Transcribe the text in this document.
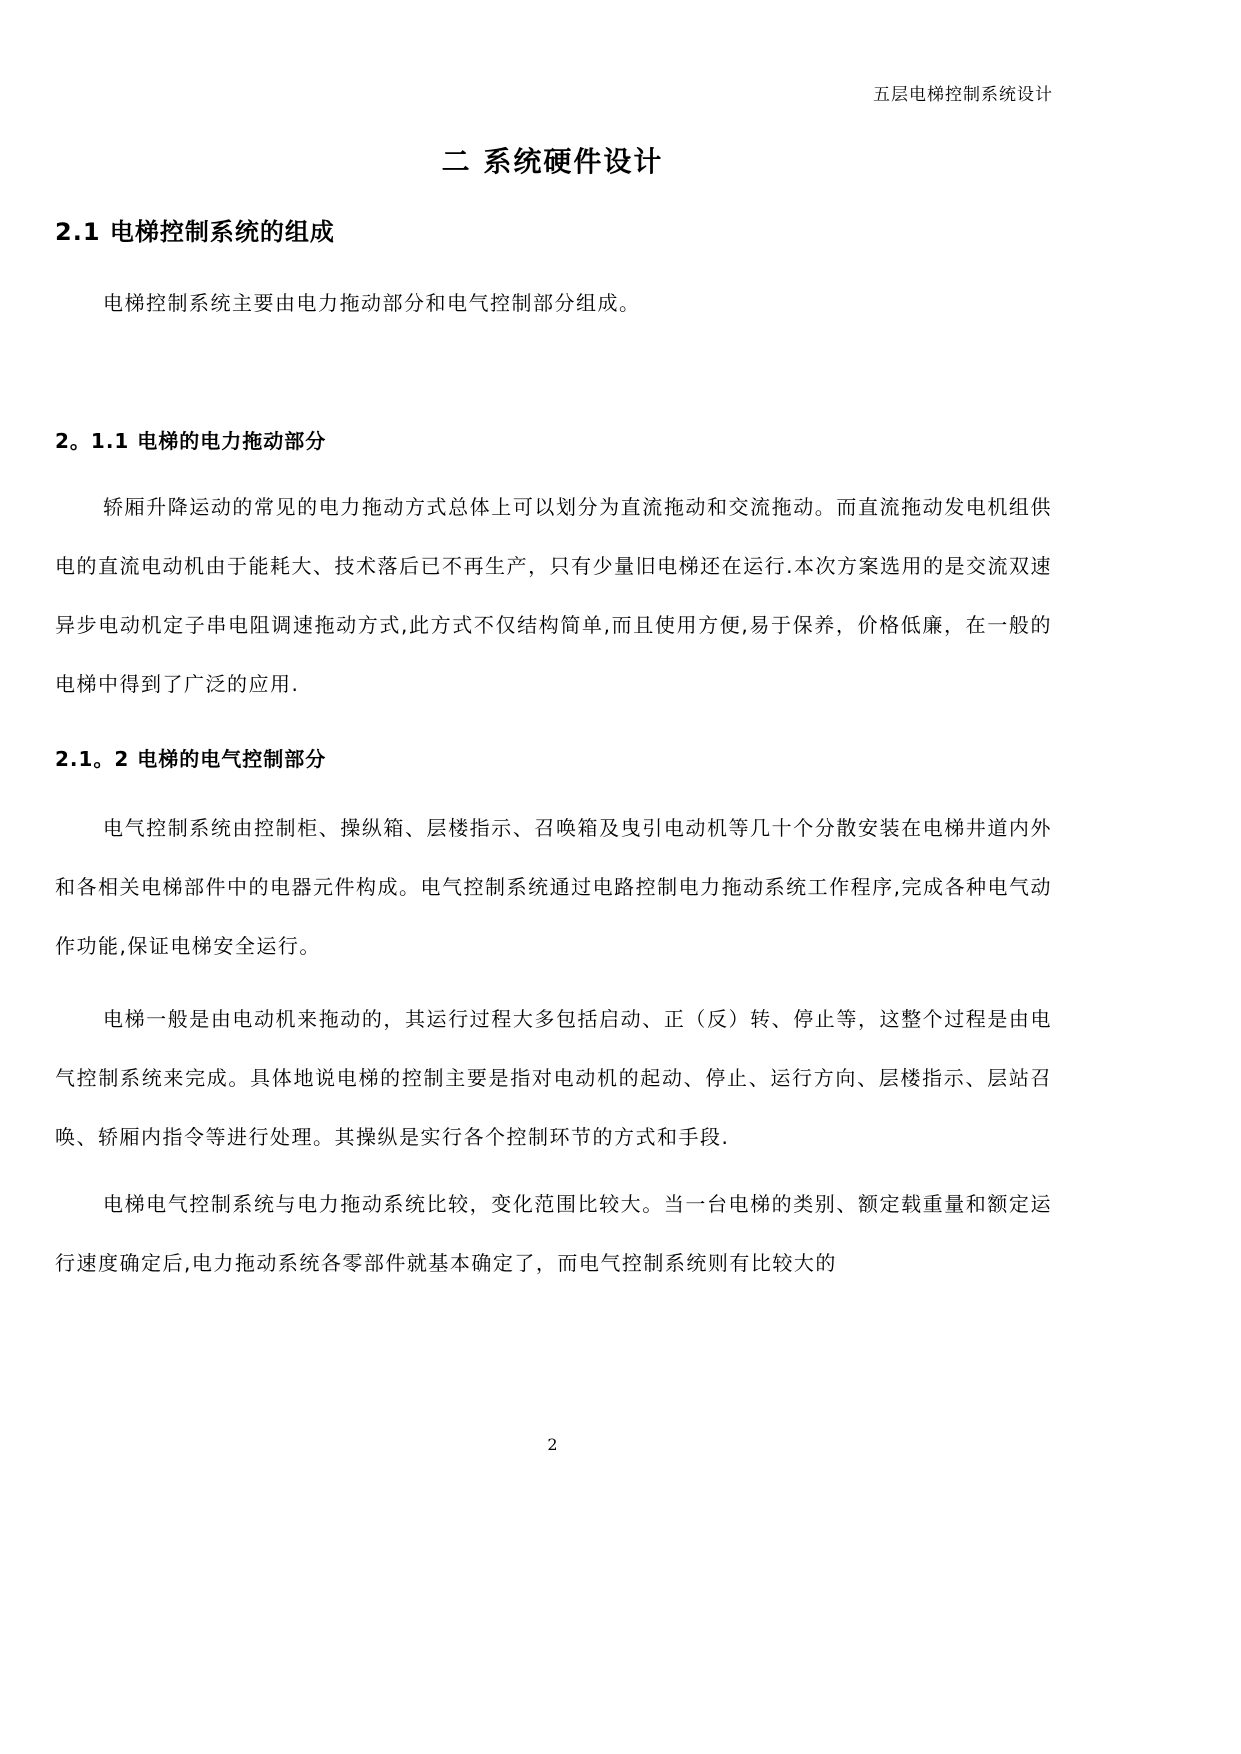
五层电梯控制系统设计
二 系统硬件设计
2.1 电梯控制系统的组成
电梯控制系统主要由电力拖动部分和电气控制部分组成。
2。1.1 电梯的电力拖动部分
轿厢升降运动的常见的电力拖动方式总体上可以划分为直流拖动和交流拖动。而直流拖动发电机组供电的直流电动机由于能耗大、技术落后已不再生产，只有少量旧电梯还在运行.本次方案选用的是交流双速异步电动机定子串电阻调速拖动方式,此方式不仅结构简单,而且使用方便,易于保养，价格低廉，在一般的电梯中得到了广泛的应用.
2.1。2 电梯的电气控制部分
电气控制系统由控制柜、操纵箱、层楼指示、召唤箱及曳引电动机等几十个分散安装在电梯井道内外和各相关电梯部件中的电器元件构成。电气控制系统通过电路控制电力拖动系统工作程序,完成各种电气动作功能,保证电梯安全运行。
电梯一般是由电动机来拖动的，其运行过程大多包括启动、正（反）转、停止等，这整个过程是由电气控制系统来完成。具体地说电梯的控制主要是指对电动机的起动、停止、运行方向、层楼指示、层站召唤、轿厢内指令等进行处理。其操纵是实行各个控制环节的方式和手段.
电梯电气控制系统与电力拖动系统比较，变化范围比较大。当一台电梯的类别、额定载重量和额定运行速度确定后,电力拖动系统各零部件就基本确定了，而电气控制系统则有比较大的
2
